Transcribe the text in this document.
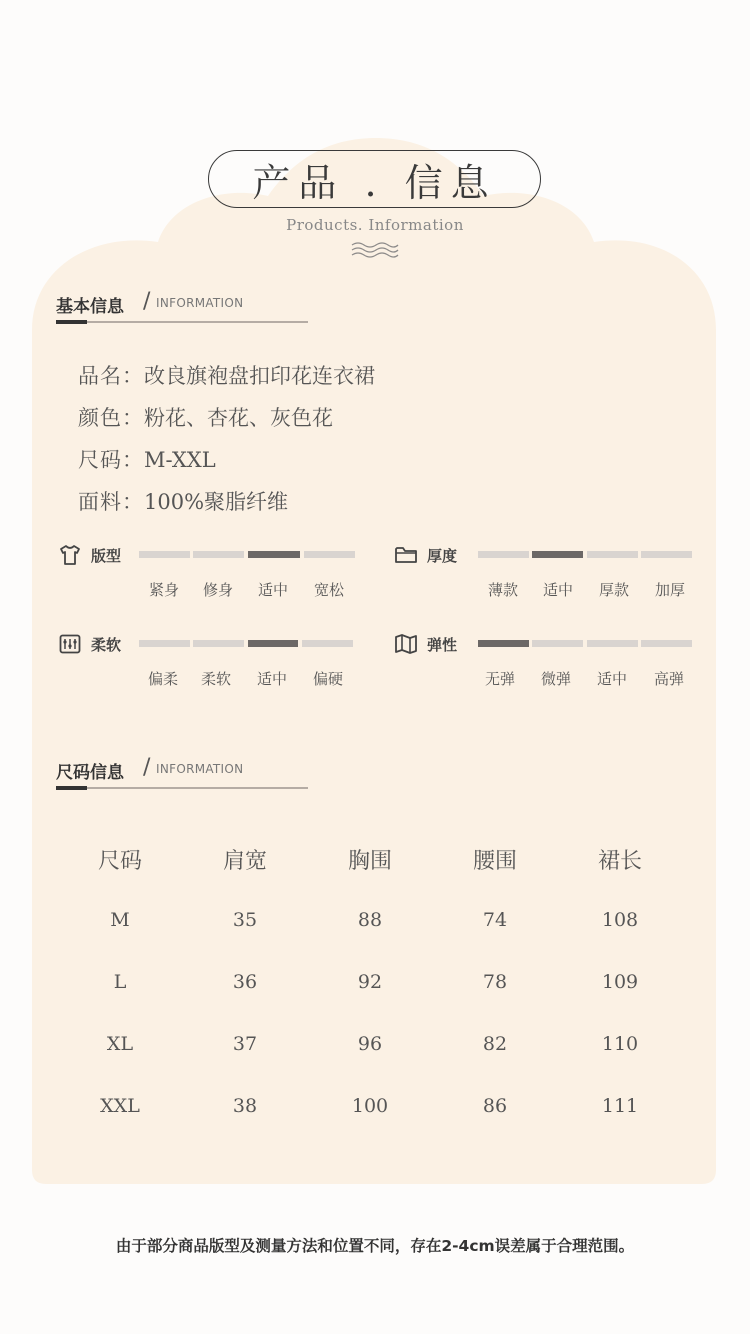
产品 . 信息
Products. Information
基本信息 / INFORMATION
品名：改良旗袍盘扣印花连衣裙
颜色：粉花、杏花、灰色花
尺码：M-XXL
面料：100%聚脂纤维
版型
紧身	修身	适中	宽松
厚度
薄款	适中	厚款	加厚
柔软
偏柔	柔软	适中	偏硬
弹性
无弹	微弹	适中	高弹
尺码信息 / INFORMATION
尺码	肩宽	胸围	腰围	裙长
M	35	88	74	108
L	36	92	78	109
XL	37	96	82	110
XXL	38	100	86	111
由于部分商品版型及测量方法和位置不同，存在2-4cm误差属于合理范围。
